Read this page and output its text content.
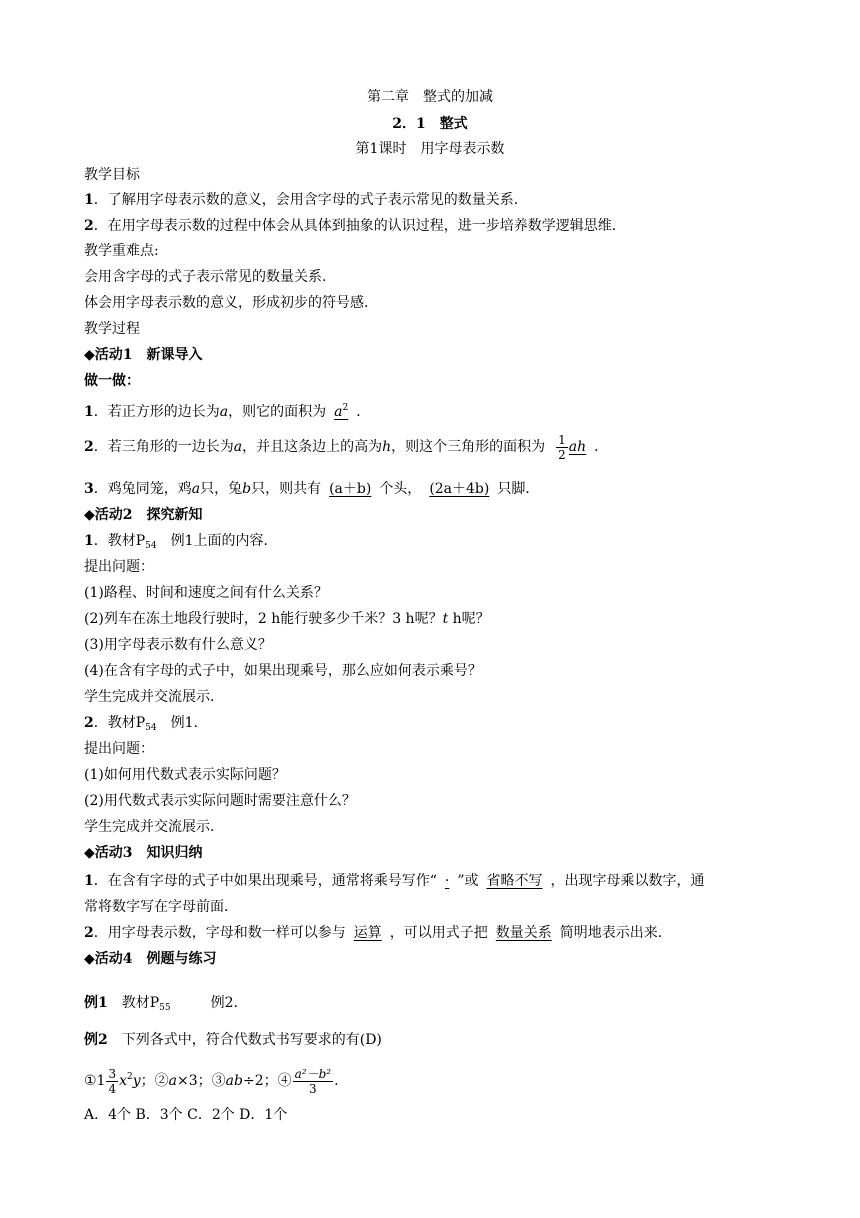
第二章　整式的加减
2．1　整式
第1课时　用字母表示数
教学目标
1．了解用字母表示数的意义，会用含字母的式子表示常见的数量关系．
2．在用字母表示数的过程中体会从具体到抽象的认识过程，进一步培养数学逻辑思维．
教学重难点:
会用含字母的式子表示常见的数量关系．
体会用字母表示数的意义，形成初步的符号感．
教学过程
◆活动1　新课导入
做一做：
1．若正方形的边长为a，则它的面积为 $a^2$ ．
2．若三角形的一边长为a，并且这条边上的高为h，则这个三角形的面积为 $\frac{1}{2}$ ah ．
3．鸡兔同笼，鸡a只，兔b只，则共有 (a＋b) 个头， (2a＋4b) 只脚．
◆活动2　探究新知
1．教材$P_{54}$　例1上面的内容．
提出问题：
(1)路程、时间和速度之间有什么关系？
(2)列车在冻土地段行驶时，2 h能行驶多少千米？3 h呢？t h呢？
(3)用字母表示数有什么意义？
(4)在含有字母的式子中，如果出现乘号，那么应如何表示乘号？
学生完成并交流展示．
2．教材$P_{54}$　例1.
提出问题：
(1)如何用代数式表示实际问题？
(2)用代数式表示实际问题时需要注意什么？
学生完成并交流展示．
◆活动3　知识归纳
1．在含有字母的式子中如果出现乘号，通常将乘号写作“ · ”或 省略不写 ，出现字母乘以数字，通
常将数字写在字母前面．
2．用字母表示数，字母和数一样可以参与 运算 ，可以用式子把 数量关系 简明地表示出来．
◆活动4　例题与练习
例1　教材$P_{55}$	例2.
例2　下列各式中，符合代数式书写要求的有(D)
①1 $\frac{3}{4} x^2y$；②a×3；③ab÷2；④ $\frac{\text{a²－b²}}{3}$ .
A．4个 B．3个 C．2个 D．1个
